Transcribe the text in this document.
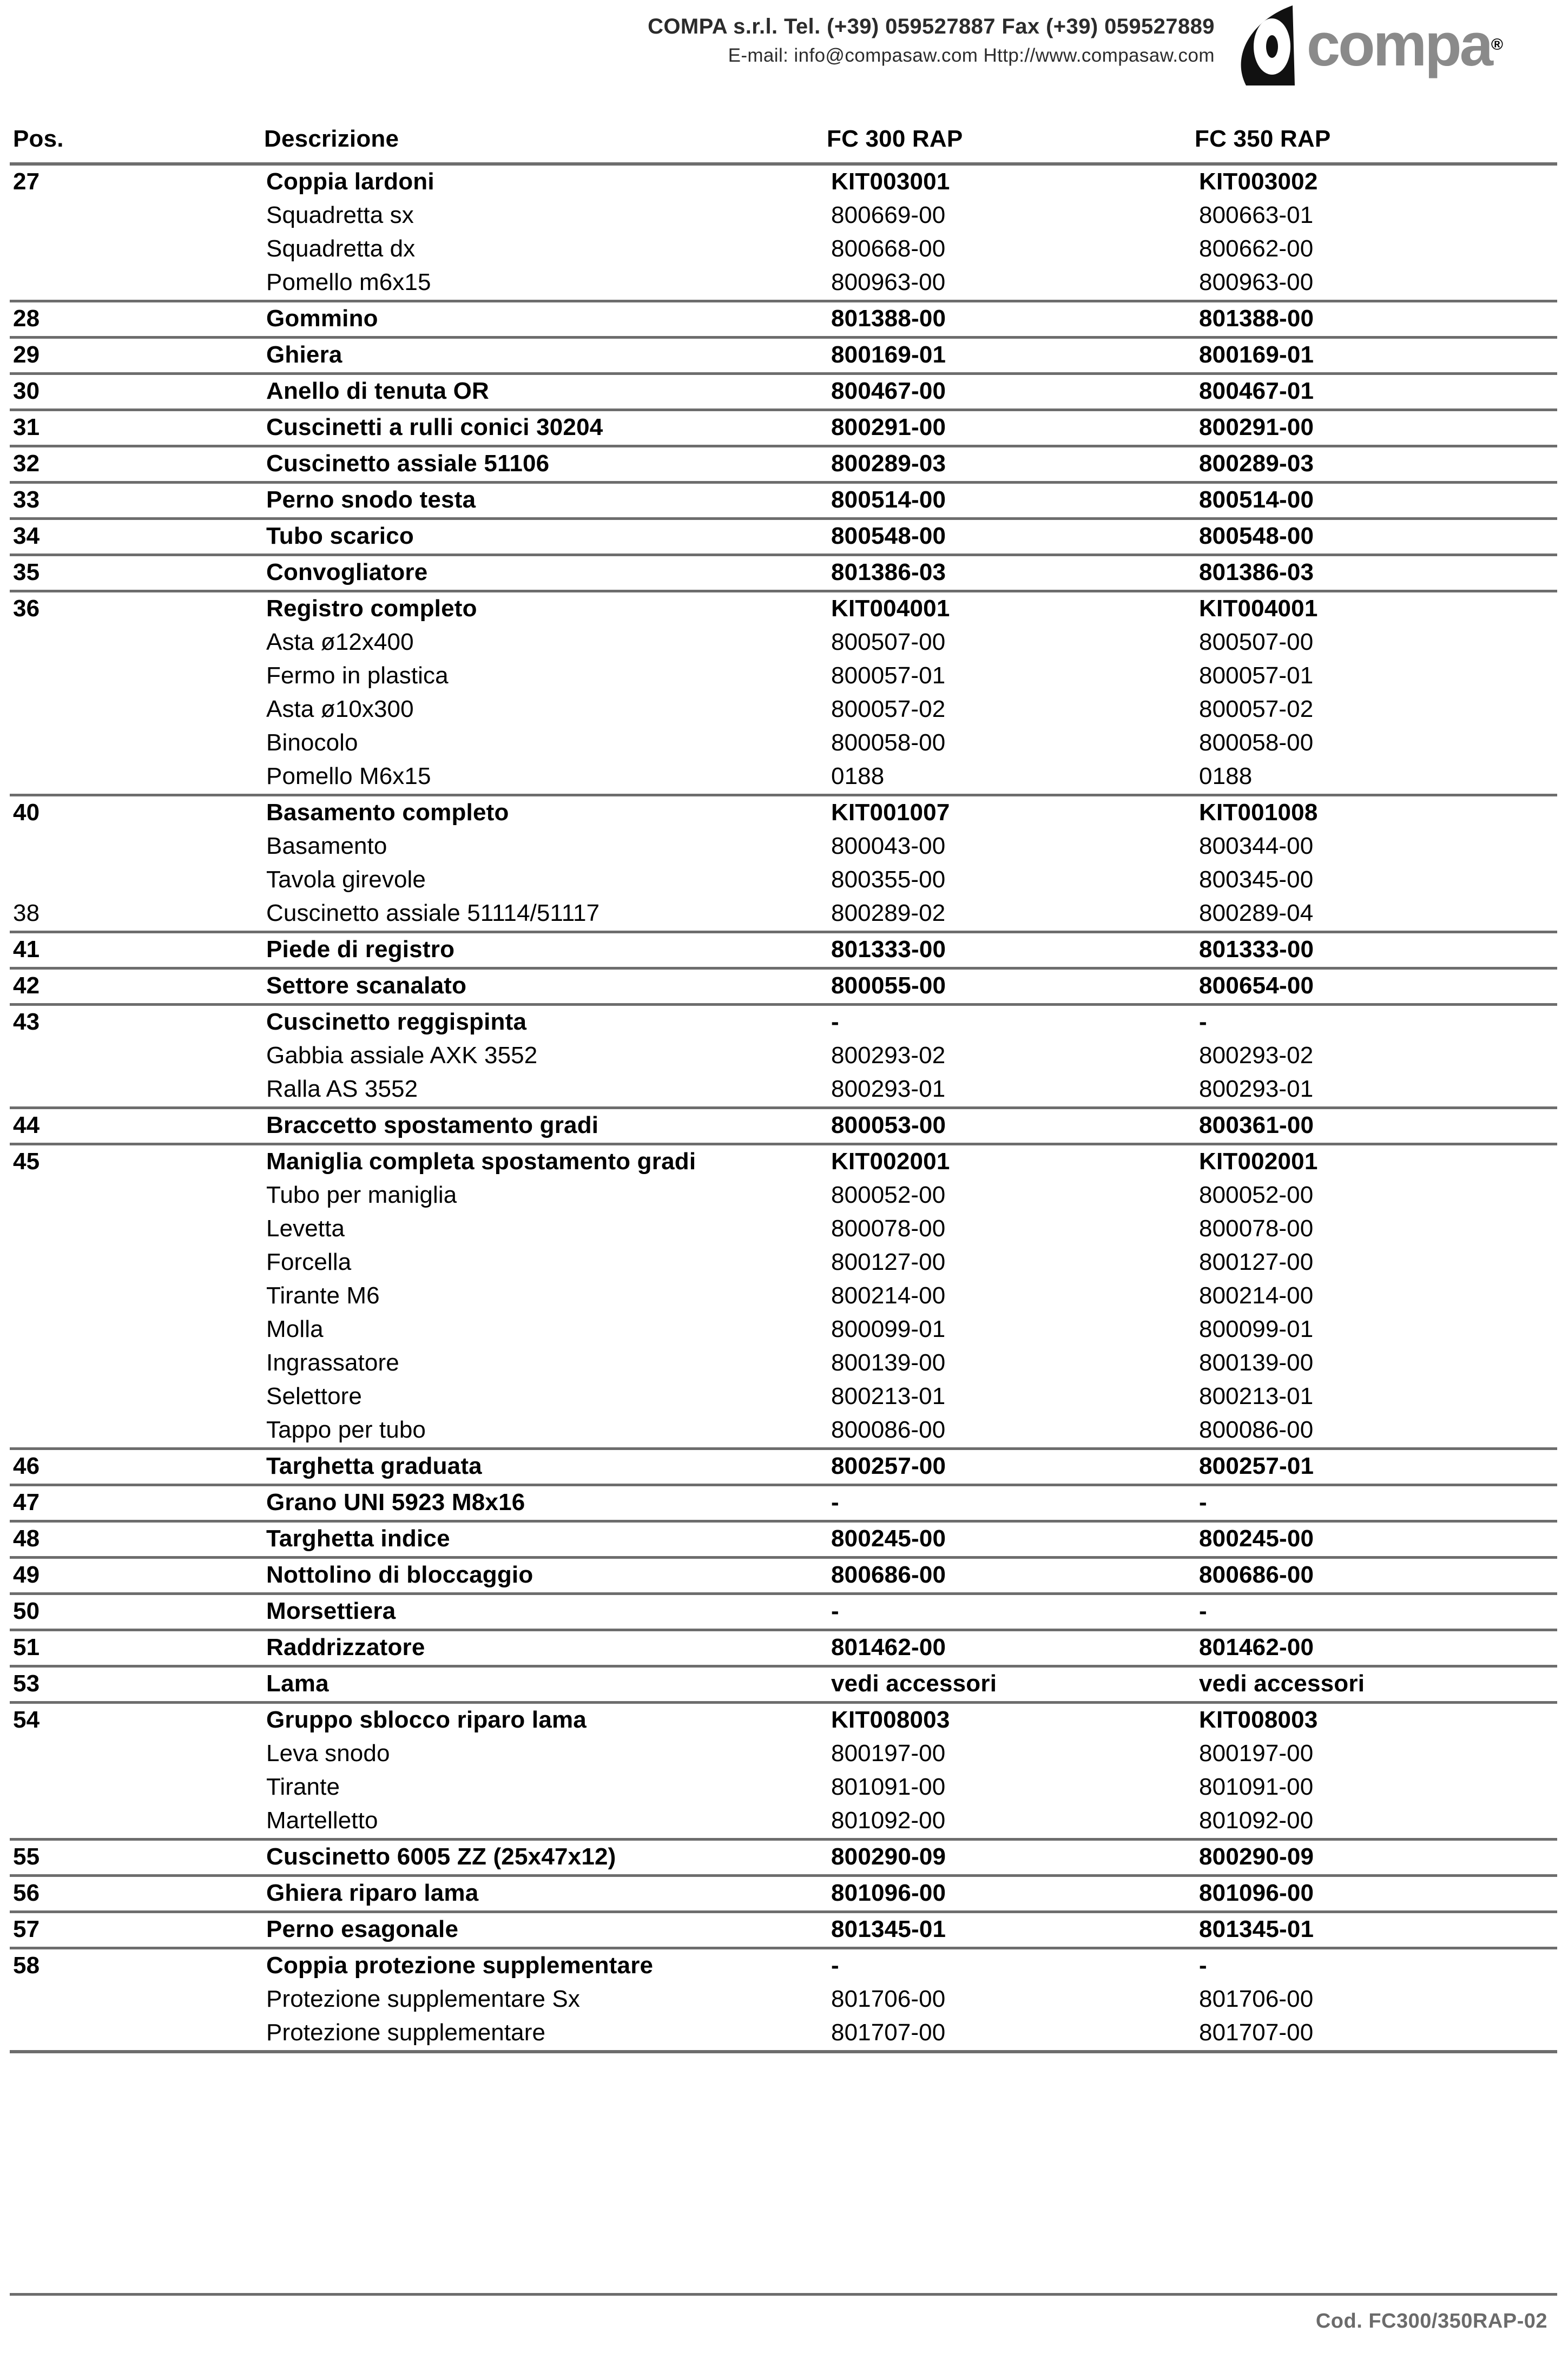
COMPA s.r.l. Tel. (+39) 059527887 Fax (+39) 059527889
E-mail: info@compasaw.com Http://www.compasaw.com compa ®
Pos.	Descrizione	FC 300 RAP	FC 350 RAP
27	Coppia lardoni	KIT003001	KIT003002
	Squadretta sx	800669-00	800663-01
	Squadretta dx	800668-00	800662-00
	Pomello m6x15	800963-00	800963-00
28	Gommino	801388-00	801388-00
29	Ghiera	800169-01	800169-01
30	Anello di tenuta OR	800467-00	800467-01
31	Cuscinetti a rulli conici 30204	800291-00	800291-00
32	Cuscinetto assiale 51106	800289-03	800289-03
33	Perno snodo testa	800514-00	800514-00
34	Tubo scarico	800548-00	800548-00
35	Convogliatore	801386-03	801386-03
36	Registro completo	KIT004001	KIT004001
	Asta ø12x400	800507-00	800507-00
	Fermo in plastica	800057-01	800057-01
	Asta ø10x300	800057-02	800057-02
	Binocolo	800058-00	800058-00
	Pomello M6x15	0188	0188
40	Basamento completo	KIT001007	KIT001008
	Basamento	800043-00	800344-00
	Tavola girevole	800355-00	800345-00
38	Cuscinetto assiale 51114/51117	800289-02	800289-04
41	Piede di registro	801333-00	801333-00
42	Settore scanalato	800055-00	800654-00
43	Cuscinetto reggispinta	-	-
	Gabbia assiale AXK 3552	800293-02	800293-02
	Ralla AS 3552	800293-01	800293-01
44	Braccetto spostamento gradi	800053-00	800361-00
45	Maniglia completa spostamento gradi	KIT002001	KIT002001
	Tubo per maniglia	800052-00	800052-00
	Levetta	800078-00	800078-00
	Forcella	800127-00	800127-00
	Tirante M6	800214-00	800214-00
	Molla	800099-01	800099-01
	Ingrassatore	800139-00	800139-00
	Selettore	800213-01	800213-01
	Tappo per tubo	800086-00	800086-00
46	Targhetta graduata	800257-00	800257-01
47	Grano UNI 5923 M8x16	-	-
48	Targhetta indice	800245-00	800245-00
49	Nottolino di bloccaggio	800686-00	800686-00
50	Morsettiera	-	-
51	Raddrizzatore	801462-00	801462-00
53	Lama	vedi accessori	vedi accessori
54	Gruppo sblocco riparo lama	KIT008003	KIT008003
	Leva snodo	800197-00	800197-00
	Tirante	801091-00	801091-00
	Martelletto	801092-00	801092-00
55	Cuscinetto 6005 ZZ (25x47x12)	800290-09	800290-09
56	Ghiera riparo lama	801096-00	801096-00
57	Perno esagonale	801345-01	801345-01
58	Coppia protezione supplementare	-	-
	Protezione supplementare Sx	801706-00	801706-00
	Protezione supplementare	801707-00	801707-00

Cod. FC300/350RAP-02
